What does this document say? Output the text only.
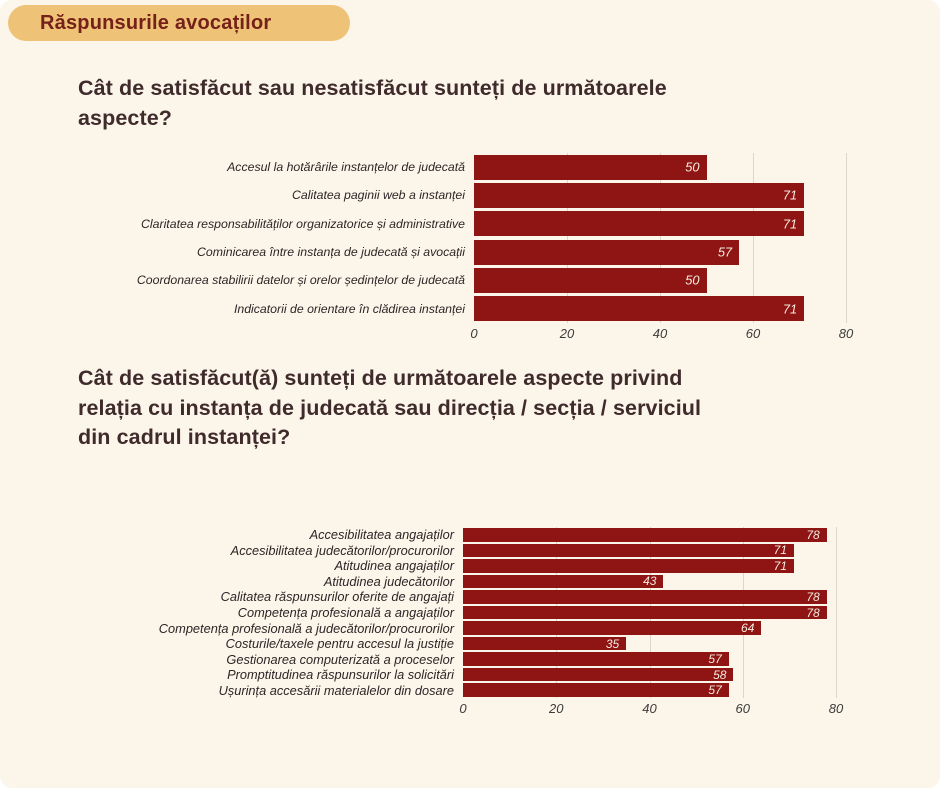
Răspunsurile avocaților
Cât de satisfăcut sau nesatisfăcut sunteți de următoarele
aspecte?
Accesul la hotărârile instanțelor de judecată	50
Calitatea paginii web a instanței	71
Claritatea responsabilităților organizatorice și administrative	71
Cominicarea între instanța de judecată și avocații	57
Coordonarea stabilirii datelor și orelor ședințelor de judecată	50
Indicatorii de orientare în clădirea instanței	71
0	20	40	60	80
Cât de satisfăcut(ă) sunteți de următoarele aspecte privind
relația cu instanța de judecată sau direcția / secția / serviciul
din cadrul instanței?
Accesibilitatea angajaților	78
Accesibilitatea judecătorilor/procurorilor	71
Atitudinea angajaților	71
Atitudinea judecătorilor	43
Calitatea răspunsurilor oferite de angajați	78
Competența profesională a angajaților	78
Competența profesională a judecătorilor/procurorilor	64
Costurile/taxele pentru accesul la justiție	35
Gestionarea computerizată a proceselor	57
Promptitudinea răspunsurilor la solicitări	58
Ușurința accesării materialelor din dosare	57
0	20	40	60	80
